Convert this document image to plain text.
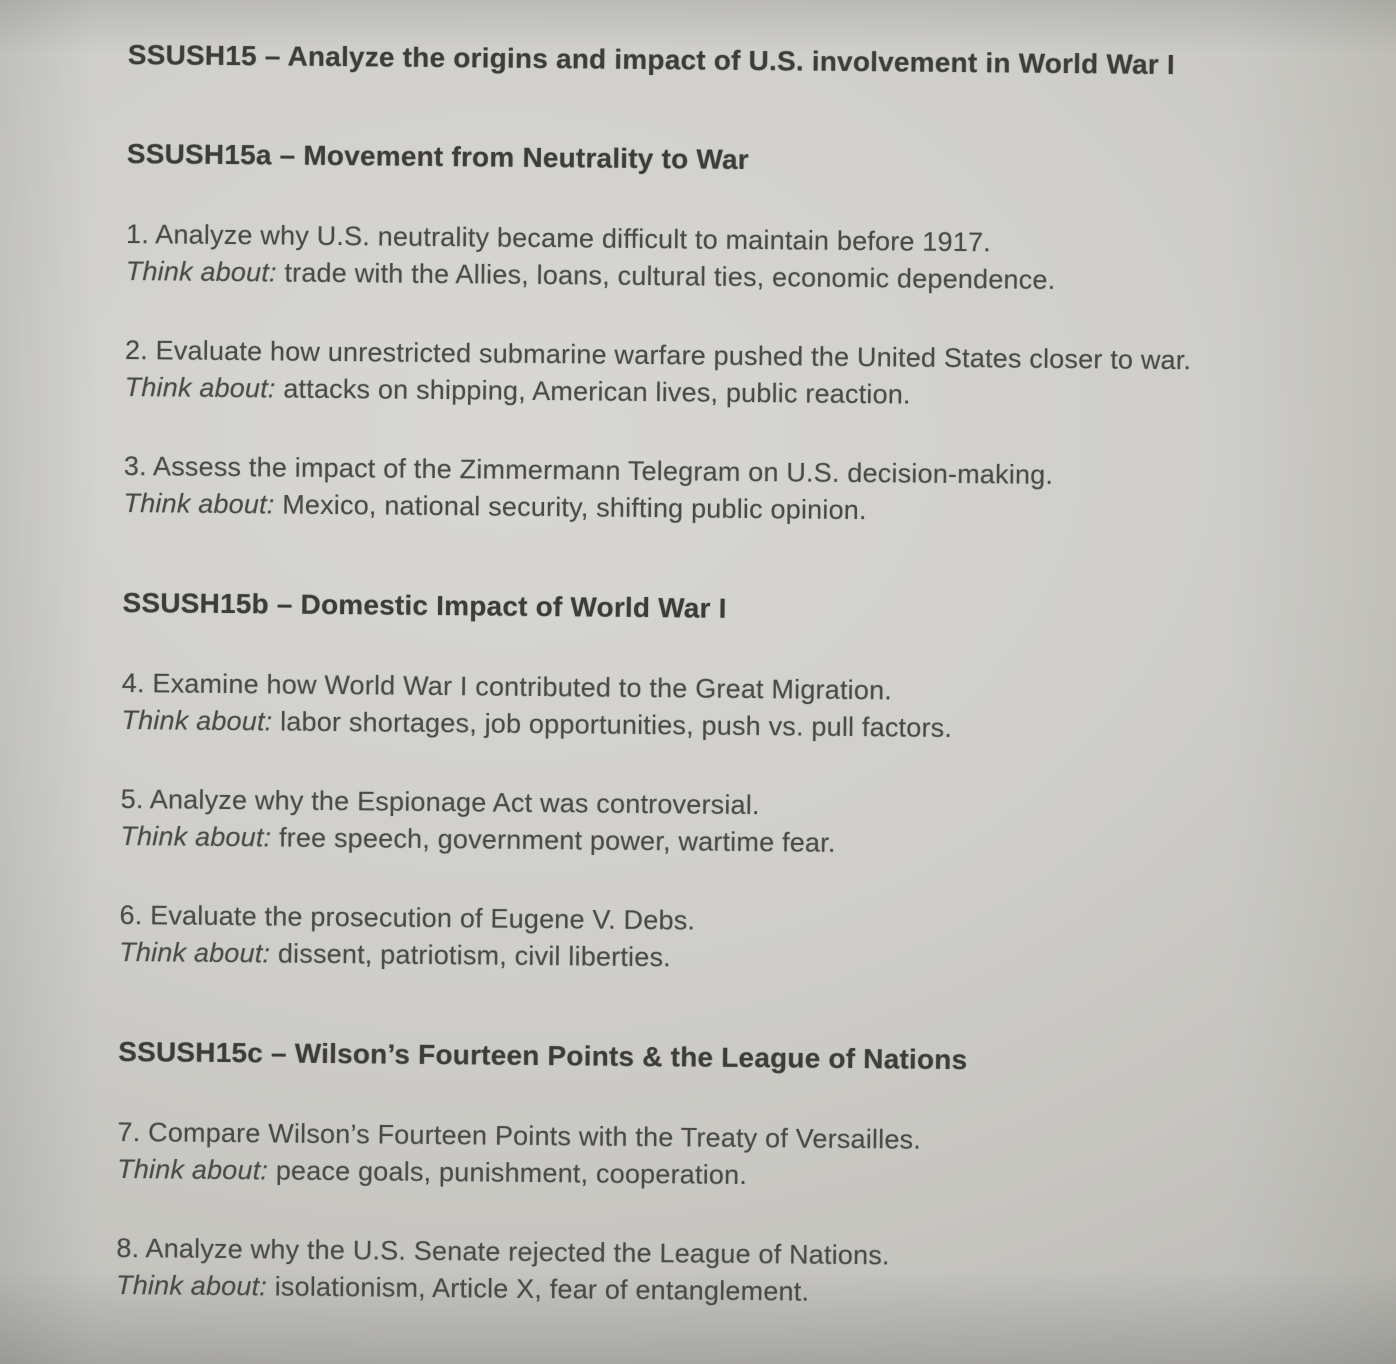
SSUSH15 – Analyze the origins and impact of U.S. involvement in World War I
SSUSH15a – Movement from Neutrality to War

1. Analyze why U.S. neutrality became difficult to maintain before 1917.

Think about: trade with the Allies, loans, cultural ties, economic dependence.

2. Evaluate how unrestricted submarine warfare pushed the United States closer to war.

Think about: attacks on shipping, American lives, public reaction.

3. Assess the impact of the Zimmermann Telegram on U.S. decision-making.

Think about: Mexico, national security, shifting public opinion.

SSUSH15b – Domestic Impact of World War I

4. Examine how World War I contributed to the Great Migration.

Think about: labor shortages, job opportunities, push vs. pull factors.

5. Analyze why the Espionage Act was controversial.

Think about: free speech, government power, wartime fear.

6. Evaluate the prosecution of Eugene V. Debs.

Think about: dissent, patriotism, civil liberties.

SSUSH15c – Wilson’s Fourteen Points & the League of Nations

7. Compare Wilson’s Fourteen Points with the Treaty of Versailles.

Think about: peace goals, punishment, cooperation.

8. Analyze why the U.S. Senate rejected the League of Nations.

Think about: isolationism, Article X, fear of entanglement.
